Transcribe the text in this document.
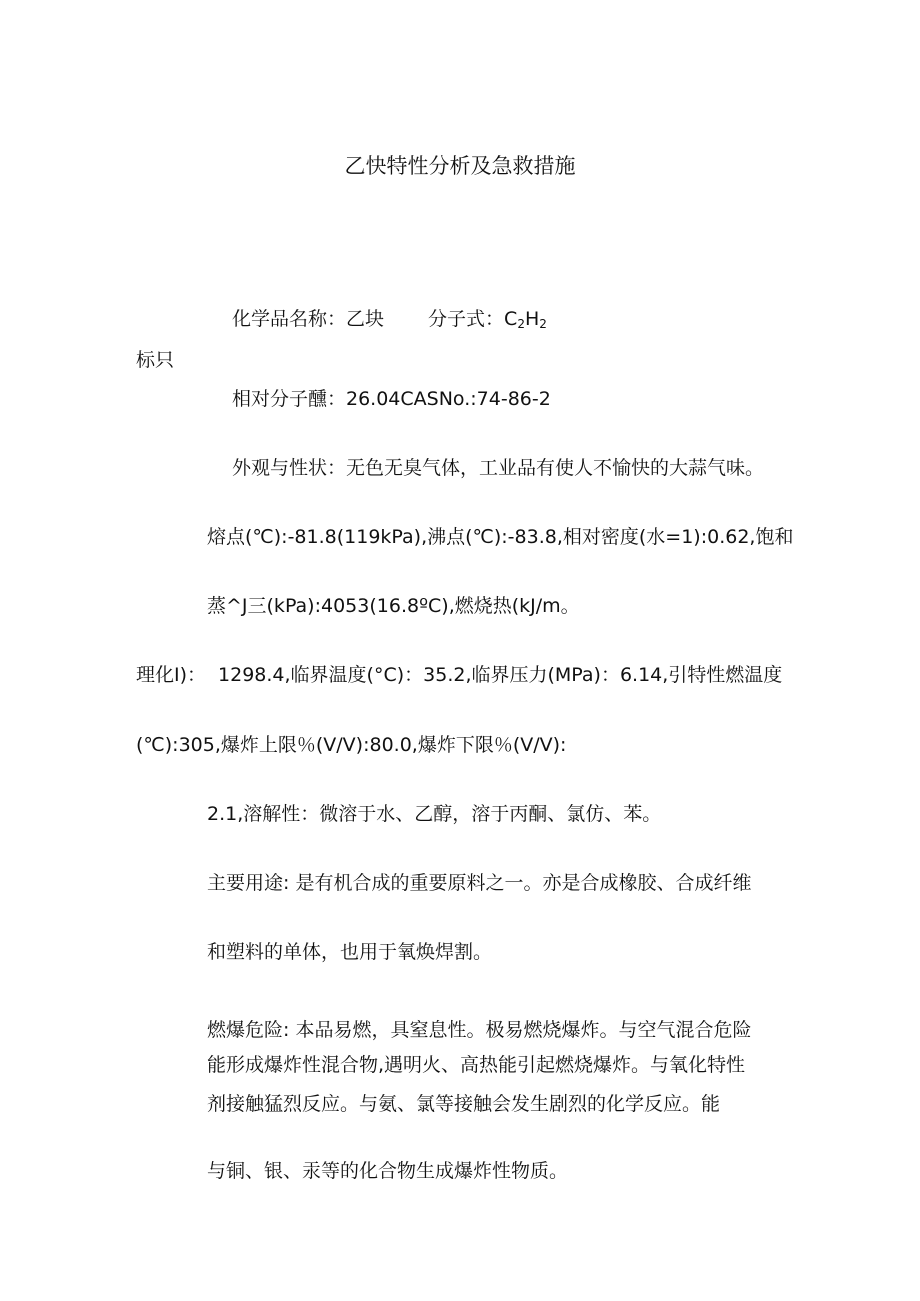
乙快特性分析及急救措施
化学品名称：乙块 分子式：$C_2H_2$
标只
相对分子醺：26.04CASNo.:74-86-2
外观与性状：无色无臭气体，工业品有使人不愉快的大蒜气味。
熔点(℃):-81.8(119kPa),沸点(℃):-83.8,相对密度(水=1):0.62,饱和
蒸^J三(kPa):4053(16.8ºC),燃烧热(kJ/m。
理化I)： 1298.4,临界温度(°C)：35.2,临界压力(MPa)：6.14,引特性燃温度
(℃):305,爆炸上限％(V/V):80.0,爆炸下限％(V/V):
2.1,溶解性：微溶于水、乙醇，溶于丙酮、氯仿、苯。
主要用途: 是有机合成的重要原料之一。亦是合成橡胶、合成纤维
和塑料的单体，也用于氧焕焊割。
燃爆危险: 本品易燃，具窒息性。极易燃烧爆炸。与空气混合危险
能形成爆炸性混合物,遇明火、高热能引起燃烧爆炸。与氧化特性
剂接触猛烈反应。与氨、氯等接触会发生剧烈的化学反应。能
与铜、银、汞等的化合物生成爆炸性物质。
